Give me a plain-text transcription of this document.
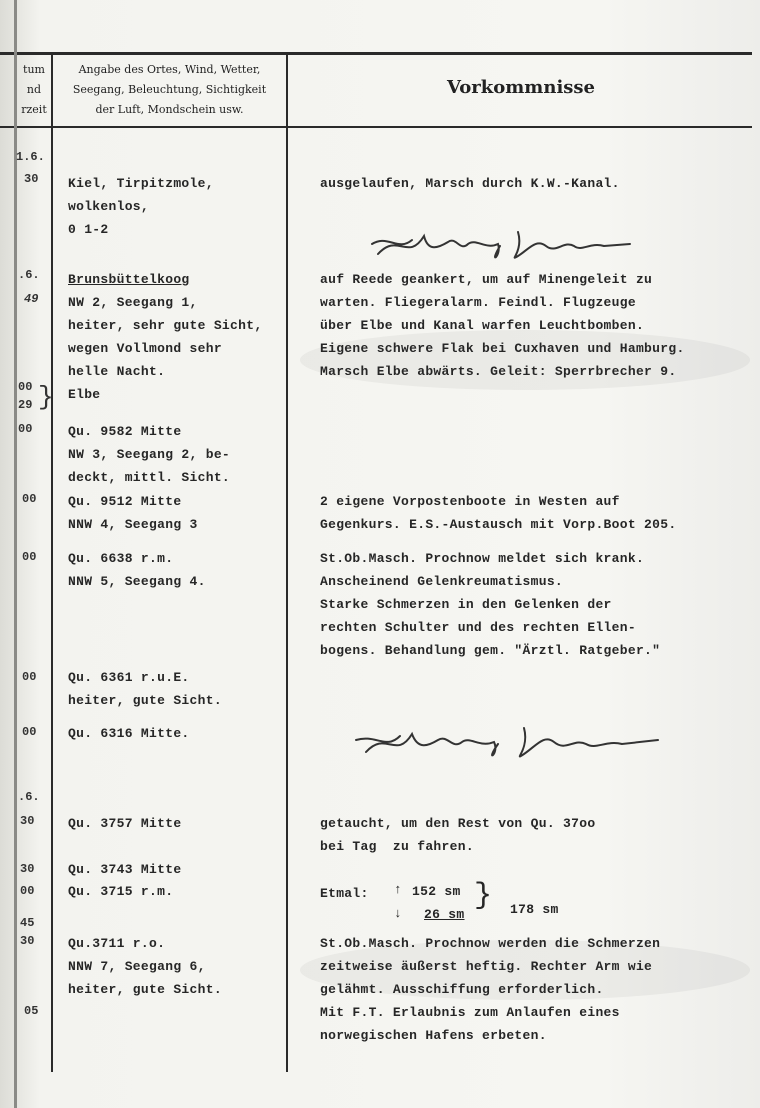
tum
nd
rzeit
Angabe des Ortes, Wind, Wetter,
Seegang, Beleuchtung, Sichtigkeit
der Luft, Mondschein usw.
Vorkommnisse
1.6.
30
.6.
49
00
29 }
00
00
00
00
00
.6.
30
30
00
45
30
05
Kiel, Tirpitzmole,
wolkenlos,
0 1-2
Brunsbüttelkoog
NW 2, Seegang 1,
heiter, sehr gute Sicht,
wegen Vollmond sehr
helle Nacht.
Elbe
Qu. 9582 Mitte
NW 3, Seegang 2, be-
deckt, mittl. Sicht.
Qu. 9512 Mitte
NNW 4, Seegang 3
Qu. 6638 r.m.
NNW 5, Seegang 4.
Qu. 6361 r.u.E.
heiter, gute Sicht.
Qu. 6316 Mitte.
Qu. 3757 Mitte
Qu. 3743 Mitte
Qu. 3715 r.m.
Qu.3711 r.o.
NNW 7, Seegang 6,
heiter, gute Sicht.
ausgelaufen, Marsch durch K.W.-Kanal.
auf Reede geankert, um auf Minengeleit zu
warten. Fliegeralarm. Feindl. Flugzeuge
über Elbe und Kanal warfen Leuchtbomben.
Eigene schwere Flak bei Cuxhaven und Hamburg.
Marsch Elbe abwärts. Geleit: Sperrbrecher 9.
2 eigene Vorpostenboote in Westen auf
Gegenkurs. E.S.-Austausch mit Vorp.Boot 205.
St.Ob.Masch. Prochnow meldet sich krank.
Anscheinend Gelenkreumatismus.
Starke Schmerzen in den Gelenken der
rechten Schulter und des rechten Ellen-
bogens. Behandlung gem. "Ärztl. Ratgeber."
getaucht, um den Rest von Qu. 37oo
bei Tag  zu fahren.
Etmal: ↑ 152 sm
↓ 26 sm
} 178 sm
St.Ob.Masch. Prochnow werden die Schmerzen
zeitweise äußerst heftig. Rechter Arm wie
gelähmt. Ausschiffung erforderlich.
Mit F.T. Erlaubnis zum Anlaufen eines
norwegischen Hafens erbeten.
